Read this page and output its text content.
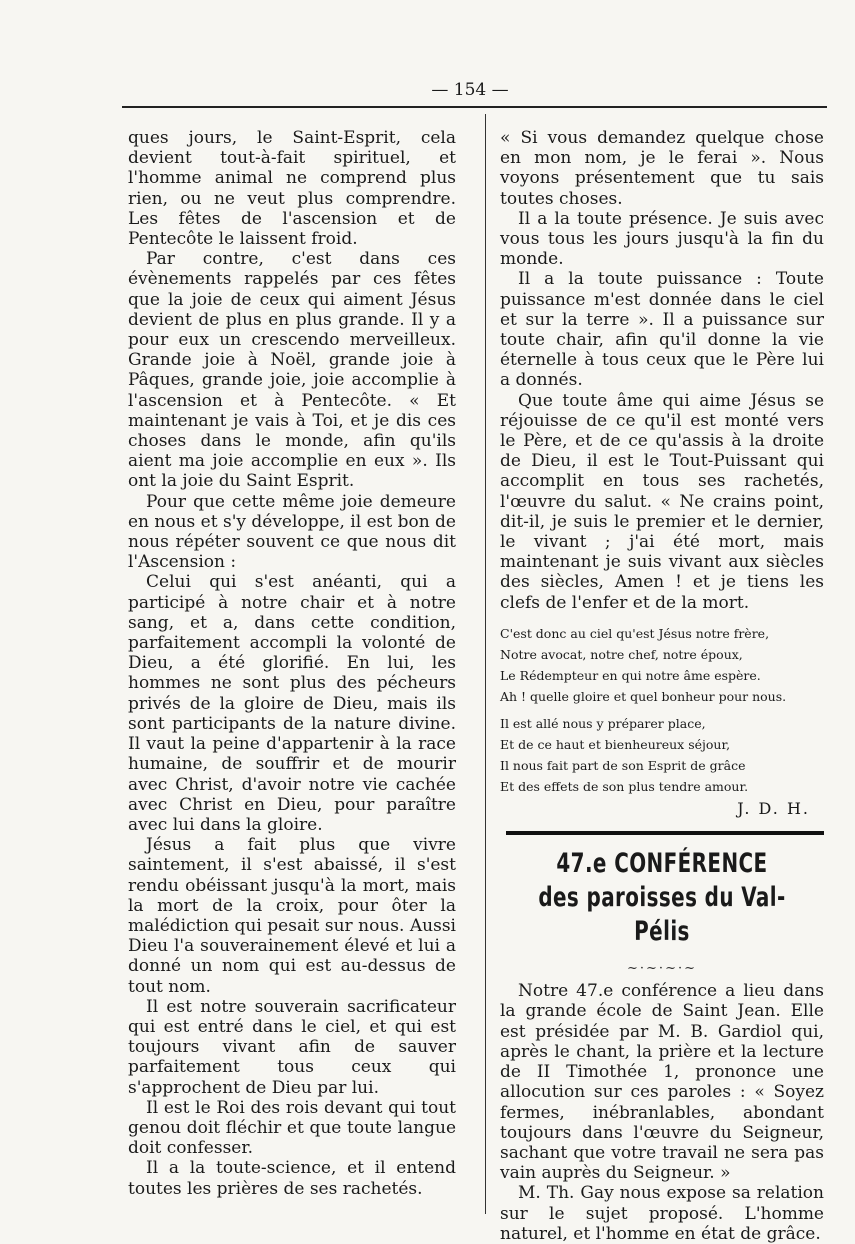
— 154 —

ques jours, le Saint-Esprit, cela devient tout-à-fait spirituel, et l'homme animal ne comprend plus rien, ou ne veut plus comprendre. Les fêtes de l'ascension et de Pentecôte le laissent froid.

Par contre, c'est dans ces évènements rappelés par ces fêtes que la joie de ceux qui aiment Jésus devient de plus en plus grande. Il y a pour eux un crescendo merveilleux. Grande joie à Noël, grande joie à Pâques, grande joie, joie accomplie à l'ascension et à Pentecôte. « Et maintenant je vais à Toi, et je dis ces choses dans le monde, afin qu'ils aient ma joie accomplie en eux ». Ils ont la joie du Saint Esprit.

Pour que cette même joie demeure en nous et s'y développe, il est bon de nous répéter souvent ce que nous dit l'Ascension :

Celui qui s'est anéanti, qui a participé à notre chair et à notre sang, et a, dans cette condition, parfaitement accompli la volonté de Dieu, a été glorifié. En lui, les hommes ne sont plus des pécheurs privés de la gloire de Dieu, mais ils sont participants de la nature divine. Il vaut la peine d'appartenir à la race humaine, de souffrir et de mourir avec Christ, d'avoir notre vie cachée avec Christ en Dieu, pour paraître avec lui dans la gloire.

Jésus a fait plus que vivre saintement, il s'est abaissé, il s'est rendu obéissant jusqu'à la mort, mais la mort de la croix, pour ôter la malédiction qui pesait sur nous. Aussi Dieu l'a souverainement élevé et lui a donné un nom qui est au-dessus de tout nom.

Il est notre souverain sacrificateur qui est entré dans le ciel, et qui est toujours vivant afin de sauver parfaitement tous ceux qui s'approchent de Dieu par lui.

Il est le Roi des rois devant qui tout genou doit fléchir et que toute langue doit confesser.

Il a la toute-science, et il entend toutes les prières de ses rachetés.

« Si vous demandez quelque chose en mon nom, je le ferai ». Nous voyons présentement que tu sais toutes choses.

Il a la toute présence. Je suis avec vous tous les jours jusqu'à la fin du monde.

Il a la toute puissance : Toute puissance m'est donnée dans le ciel et sur la terre ». Il a puissance sur toute chair, afin qu'il donne la vie éternelle à tous ceux que le Père lui a donnés.

Que toute âme qui aime Jésus se réjouisse de ce qu'il est monté vers le Père, et de ce qu'assis à la droite de Dieu, il est le Tout-Puissant qui accomplit en tous ses rachetés, l'œuvre du salut. « Ne crains point, dit-il, je suis le premier et le dernier, le vivant ; j'ai été mort, mais maintenant je suis vivant aux siècles des siècles, Amen ! et je tiens les clefs de l'enfer et de la mort.

C'est donc au ciel qu'est Jésus notre frère,
Notre avocat, notre chef, notre époux,
Le Rédempteur en qui notre âme espère.
Ah ! quelle gloire et quel bonheur pour nous.
Il est allé nous y préparer place,
Et de ce haut et bienheureux séjour,
Il nous fait part de son Esprit de grâce
Et des effets de son plus tendre amour.
J. D. H.
47.e CONFÉRENCE
des paroisses du Val-Pélis
~·~·~·~

Notre 47.e conférence a lieu dans la grande école de Saint Jean. Elle est présidée par M. B. Gardiol qui, après le chant, la prière et la lecture de II Timothée 1, prononce une allocution sur ces paroles : « Soyez fermes, inébranlables, abondant toujours dans l'œuvre du Seigneur, sachant que votre travail ne sera pas vain auprès du Seigneur. »

M. Th. Gay nous expose sa relation sur le sujet proposé. L'homme naturel, et l'homme en état de grâce.
